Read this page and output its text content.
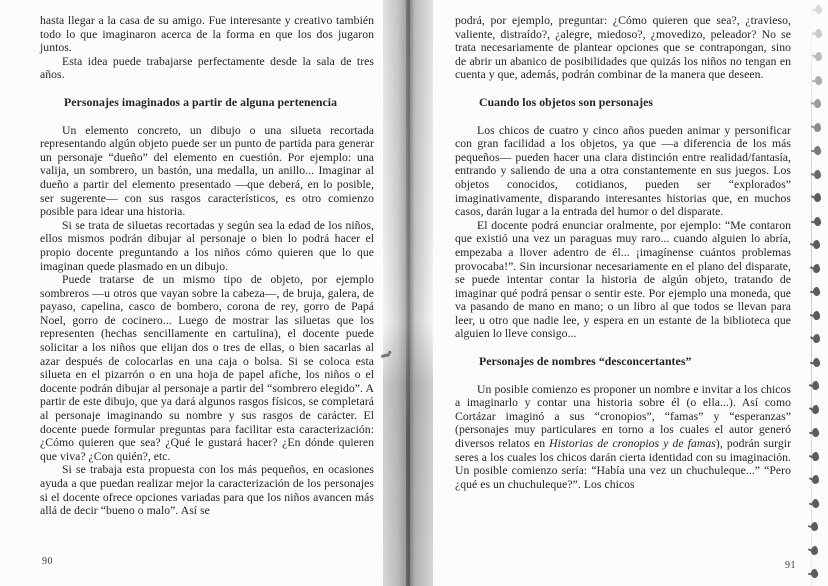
hasta llegar a la casa de su amigo. Fue interesante y creativo también todo lo que imaginaron acerca de la forma en que los dos jugaron juntos.

Esta idea puede trabajarse perfectamente desde la sala de tres años.

Personajes imaginados a partir de alguna pertenencia

Un elemento concreto, un dibujo o una silueta recortada representando algún objeto puede ser un punto de partida para generar un personaje “dueño” del elemento en cuestión. Por ejemplo: una valija, un sombrero, un bastón, una medalla, un anillo... Imaginar al dueño a partir del elemento presentado —que deberá, en lo posible, ser sugerente— con sus rasgos característicos, es otro comienzo posible para idear una historia.

Si se trata de siluetas recortadas y según sea la edad de los niños, ellos mismos podrán dibujar al personaje o bien lo podrá hacer el propio docente preguntando a los niños cómo quieren que lo que imaginan quede plasmado en un dibujo.

Puede tratarse de un mismo tipo de objeto, por ejemplo sombreros —u otros que vayan sobre la cabeza—, de bruja, galera, de payaso, capelina, casco de bombero, corona de rey, gorro de Papá Noel, gorro de cocinero... Luego de mostrar las siluetas que los representen (hechas sencillamente en cartulina), el docente puede solicitar a los niños que elijan dos o tres de ellas, o bien sacarlas al azar después de colocarlas en una caja o bolsa. Si se coloca esta silueta en el pizarrón o en una hoja de papel afiche, los niños o el docente podrán dibujar al personaje a partir del “sombrero elegido”. A partir de este dibujo, que ya dará algunos rasgos físicos, se completará al personaje imaginando su nombre y sus rasgos de carácter. El docente puede formular preguntas para facilitar esta caracterización: ¿Cómo quieren que sea? ¿Qué le gustará hacer? ¿En dónde quieren que viva? ¿Con quién?, etc.

Si se trabaja esta propuesta con los más pequeños, en ocasiones ayuda a que puedan realizar mejor la caracterización de los personajes si el docente ofrece opciones variadas para que los niños avancen más allá de decir “bueno o malo”. Así se

podrá, por ejemplo, preguntar: ¿Cómo quieren que sea?, ¿travieso, valiente, distraído?, ¿alegre, miedoso?, ¿movedizo, peleador? No se trata necesariamente de plantear opciones que se contrapongan, sino de abrir un abanico de posibilidades que quizás los niños no tengan en cuenta y que, además, podrán combinar de la manera que deseen.

Cuando los objetos son personajes

Los chicos de cuatro y cinco años pueden animar y personificar con gran facilidad a los objetos, ya que —a diferencia de los más pequeños— pueden hacer una clara distinción entre realidad/fantasía, entrando y saliendo de una a otra constantemente en sus juegos. Los objetos conocidos, cotidianos, pueden ser “explorados” imaginativamente, disparando interesantes historias que, en muchos casos, darán lugar a la entrada del humor o del disparate.

El docente podrá enunciar oralmente, por ejemplo: “Me contaron que existió una vez un paraguas muy raro... cuando alguien lo abría, empezaba a llover adentro de él... ¡imagínense cuántos problemas provocaba!”. Sin incursionar necesariamente en el plano del disparate, se puede intentar contar la historia de algún objeto, tratando de imaginar qué podrá pensar o sentir este. Por ejemplo una moneda, que va pasando de mano en mano; o un libro al que todos se llevan para leer, u otro que nadie lee, y espera en un estante de la biblioteca que alguien lo lleve consigo...

Personajes de nombres “desconcertantes”

Un posible comienzo es proponer un nombre e invitar a los chicos a imaginarlo y contar una historia sobre él (o ella...). Así como Cortázar imaginó a sus “cronopios”, “famas” y “esperanzas” (personajes muy particulares en torno a los cuales el autor generó diversos relatos en Historias de cronopios y de famas), podrán surgir seres a los cuales los chicos darán cierta identidad con su imaginación. Un posible comienzo sería: “Había una vez un chuchuleque...” “Pero ¿qué es un chuchuleque?”. Los chicos

90	91
